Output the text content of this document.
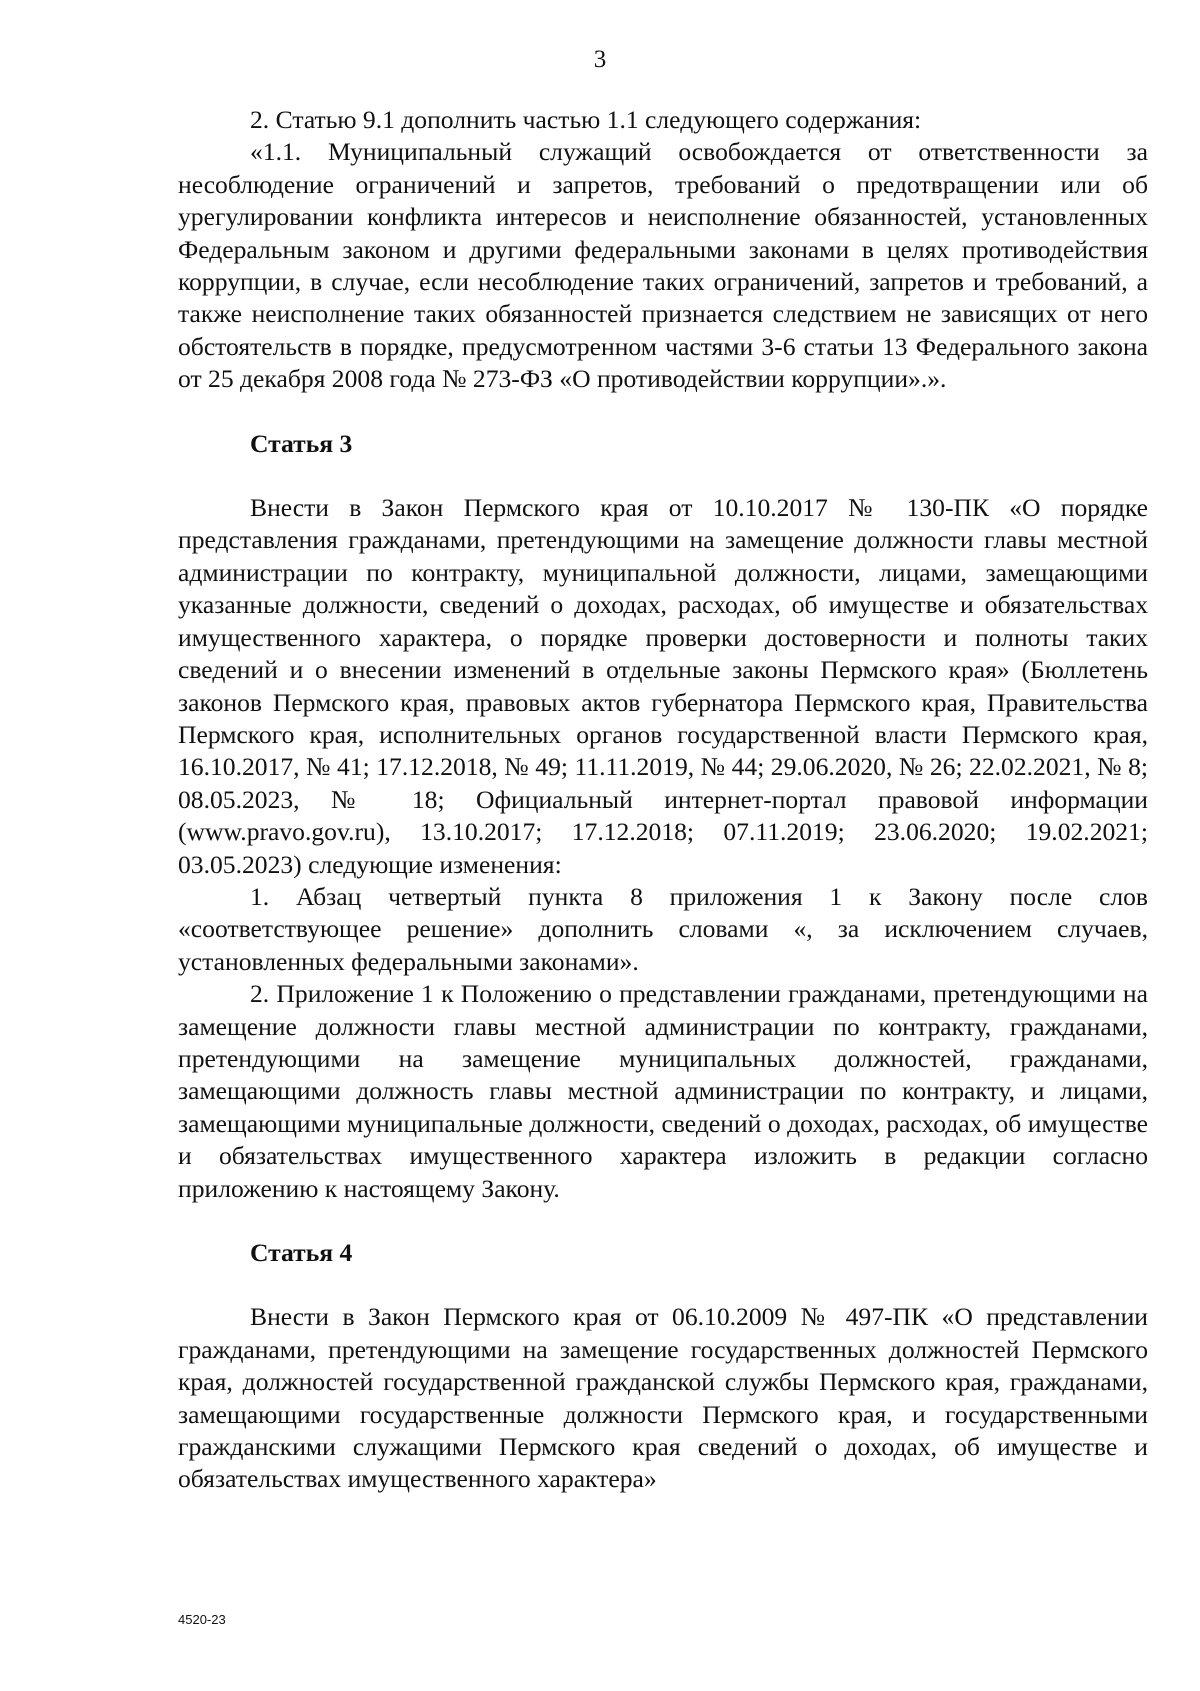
3

2. Статью 9.1 дополнить частью 1.1 следующего содержания:

«1.1. Муниципальный служащий освобождается от ответственности за несоблюдение ограничений и запретов, требований о предотвращении или об урегулировании конфликта интересов и неисполнение обязанностей, установленных Федеральным законом и другими федеральными законами в целях противодействия коррупции, в случае, если несоблюдение таких ограничений, запретов и требований, а также неисполнение таких обязанностей признается следствием не зависящих от него обстоятельств в порядке, предусмотренном частями 3-6 статьи 13 Федерального закона от 25 декабря 2008 года № 273-ФЗ «О противодействии коррупции».».

Статья 3

Внести в Закон Пермского края от 10.10.2017 № 130-ПК «О порядке представления гражданами, претендующими на замещение должности главы местной администрации по контракту, муниципальной должности, лицами, замещающими указанные должности, сведений о доходах, расходах, об имуществе и обязательствах имущественного характера, о порядке проверки достоверности и полноты таких сведений и о внесении изменений в отдельные законы Пермского края» (Бюллетень законов Пермского края, правовых актов губернатора Пермского края, Правительства Пермского края, исполнительных органов государственной власти Пермского края, 16.10.2017, № 41; 17.12.2018, № 49; 11.11.2019, № 44; 29.06.2020, № 26; 22.02.2021, № 8; 08.05.2023, № 18; Официальный интернет-портал правовой информации (www.pravo.gov.ru), 13.10.2017; 17.12.2018; 07.11.2019; 23.06.2020; 19.02.2021; 03.05.2023) следующие изменения:

1. Абзац четвертый пункта 8 приложения 1 к Закону после слов «соответствующее решение» дополнить словами «, за исключением случаев, установленных федеральными законами».

2. Приложение 1 к Положению о представлении гражданами, претендующими на замещение должности главы местной администрации по контракту, гражданами, претендующими на замещение муниципальных должностей, гражданами, замещающими должность главы местной администрации по контракту, и лицами, замещающими муниципальные должности, сведений о доходах, расходах, об имуществе и обязательствах имущественного характера изложить в редакции согласно приложению к настоящему Закону.

Статья 4

Внести в Закон Пермского края от 06.10.2009 № 497-ПК «О представлении гражданами, претендующими на замещение государственных должностей Пермского края, должностей государственной гражданской службы Пермского края, гражданами, замещающими государственные должности Пермского края, и государственными гражданскими служащими Пермского края сведений о доходах, об имуществе и обязательствах имущественного характера»

4520-23
